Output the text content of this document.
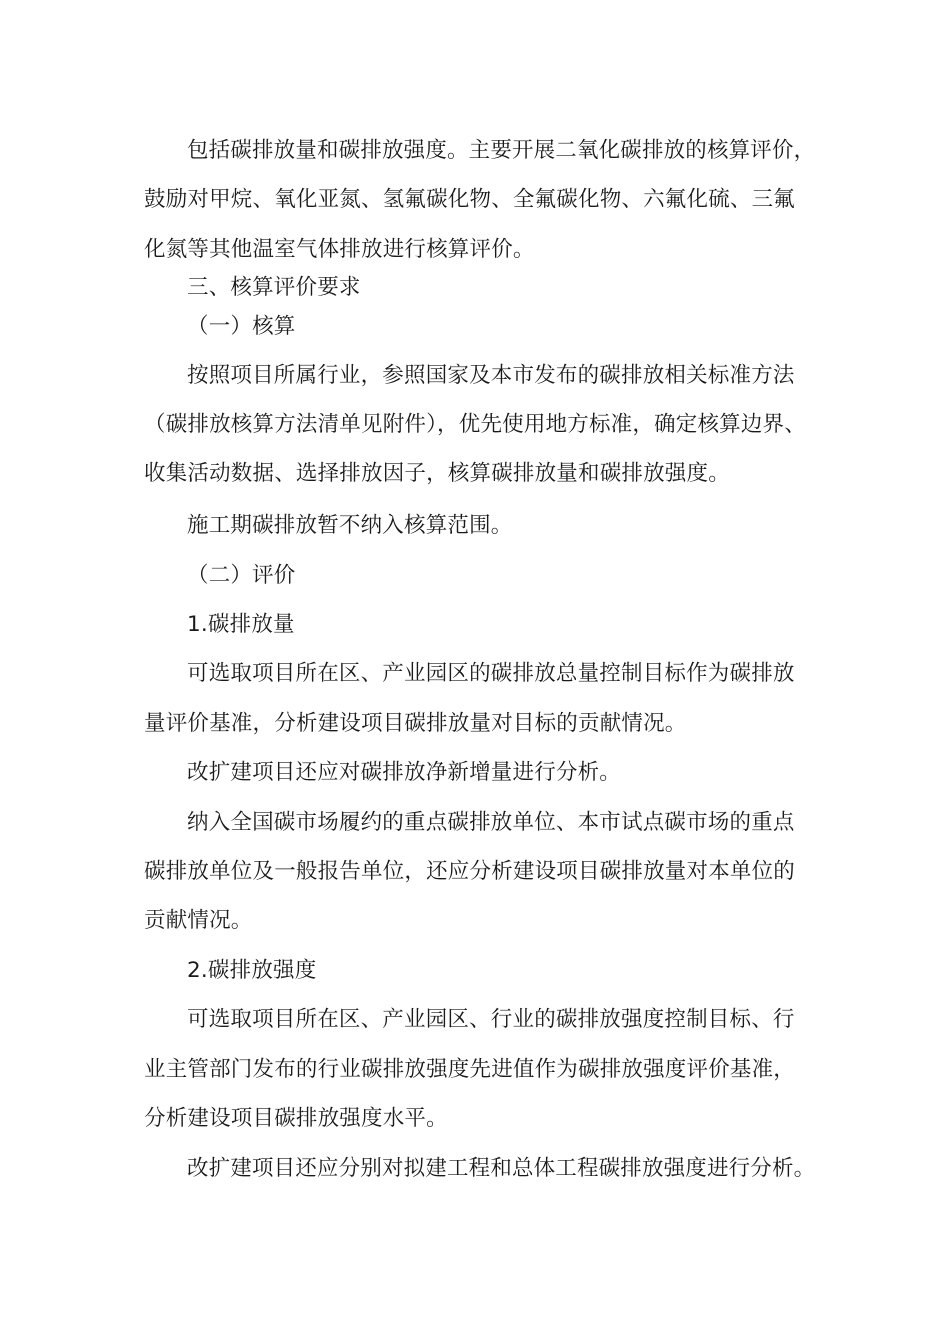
包括碳排放量和碳排放强度。主要开展二氧化碳排放的核算评价，
鼓励对甲烷、氧化亚氮、氢氟碳化物、全氟碳化物、六氟化硫、三氟
化氮等其他温室气体排放进行核算评价。
三、核算评价要求
（一）核算
按照项目所属行业，参照国家及本市发布的碳排放相关标准方法
（碳排放核算方法清单见附件），优先使用地方标准，确定核算边界、
收集活动数据、选择排放因子，核算碳排放量和碳排放强度。
施工期碳排放暂不纳入核算范围。
（二）评价
1.碳排放量
可选取项目所在区、产业园区的碳排放总量控制目标作为碳排放
量评价基准，分析建设项目碳排放量对目标的贡献情况。
改扩建项目还应对碳排放净新增量进行分析。
纳入全国碳市场履约的重点碳排放单位、本市试点碳市场的重点
碳排放单位及一般报告单位，还应分析建设项目碳排放量对本单位的
贡献情况。
2.碳排放强度
可选取项目所在区、产业园区、行业的碳排放强度控制目标、行
业主管部门发布的行业碳排放强度先进值作为碳排放强度评价基准，
分析建设项目碳排放强度水平。
改扩建项目还应分别对拟建工程和总体工程碳排放强度进行分析。
